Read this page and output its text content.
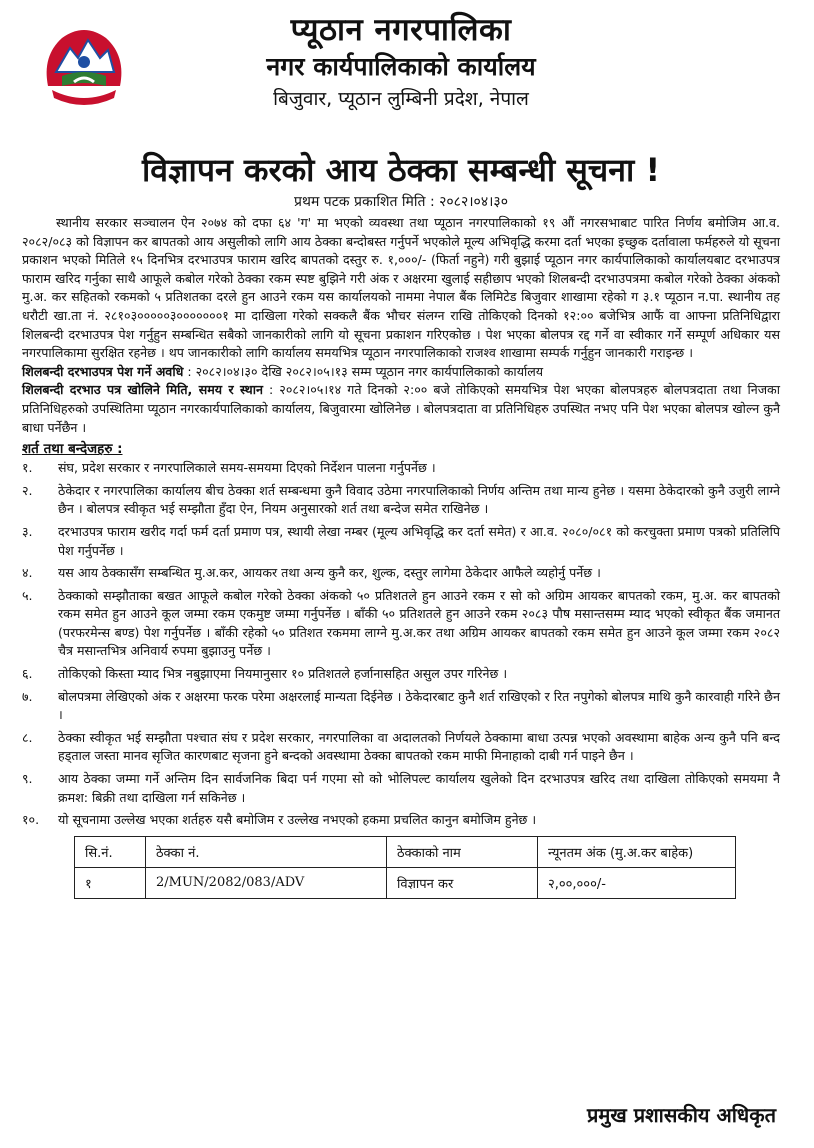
प्यूठान नगरपालिका

नगर कार्यपालिकाको कार्यालय

बिजुवार, प्यूठान लुम्बिनी प्रदेश, नेपाल

विज्ञापन करको आय ठेक्का सम्बन्धी सूचना !

प्रथम पटक प्रकाशित मिति : २०८२।०४।३०

स्थानीय सरकार सञ्चालन ऐन २०७४ को दफा ६४ 'ग' मा भएको व्यवस्था तथा प्यूठान नगरपालिकाको १९ औं नगरसभाबाट पारित निर्णय बमोजिम आ.व. २०८२/०८३ को विज्ञापन कर बापतको आय असुलीको लागि आय ठेक्का बन्दोबस्त गर्नुपर्ने भएकोले मूल्य अभिवृद्धि करमा दर्ता भएका इच्छुक दर्तावाला फर्महरुले यो सूचना प्रकाशन भएको मितिले १५ दिनभित्र दरभाउपत्र फाराम खरिद बापतको दस्तुर रु. १,०००/- (फिर्ता नहुने) गरी बुझाई प्यूठान नगर कार्यपालिकाको कार्यालयबाट दरभाउपत्र फाराम खरिद गर्नुका साथै आफूले कबोल गरेको ठेक्का रकम स्पष्ट बुझिने गरी अंक र अक्षरमा खुलाई सहीछाप भएको शिलबन्दी दरभाउपत्रमा कबोल गरेको ठेक्का अंकको मु.अ. कर सहितको रकमको ५ प्रतिशतका दरले हुन आउने रकम यस कार्यालयको नाममा नेपाल बैंक लिमिटेड बिजुवार शाखामा रहेको ग ३.१ प्यूठान न.पा. स्थानीय तह धरौटी खा.ता नं. २८१०३०००००३०००००००१ मा दाखिला गरेको सक्कलै बैंक भौचर संलग्न राखि तोकिएको दिनको १२:०० बजेभित्र आफैं वा आफ्ना प्रतिनिधिद्वारा शिलबन्दी दरभाउपत्र पेश गर्नुहुन सम्बन्धित सबैको जानकारीको लागि यो सूचना प्रकाशन गरिएकोछ । पेश भएका बोलपत्र रद्द गर्ने वा स्वीकार गर्ने सम्पूर्ण अधिकार यस नगरपालिकामा सुरक्षित रहनेछ । थप जानकारीको लागि कार्यालय समयभित्र प्यूठान नगरपालिकाको राजश्व शाखामा सम्पर्क गर्नुहुन जानकारी गराइन्छ ।

शिलबन्दी दरभाउपत्र पेश गर्ने अवधि : २०८२।०४।३० देखि २०८२।०५।१३ सम्म प्यूठान नगर कार्यपालिकाको कार्यालय

शिलबन्दी दरभाउ पत्र खोलिने मिति, समय र स्थान : २०८२।०५।१४ गते दिनको २:०० बजे तोकिएको समयभित्र पेश भएका बोलपत्रहरु बोलपत्रदाता तथा निजका प्रतिनिधिहरुको उपस्थितिमा प्यूठान नगरकार्यपालिकाको कार्यालय, बिजुवारमा खोलिनेछ । बोलपत्रदाता वा प्रतिनिधिहरु उपस्थित नभए पनि पेश भएका बोलपत्र खोल्न कुनै बाधा पर्नेछैन ।

शर्त तथा बन्देजहरु :

१.	संघ, प्रदेश सरकार र नगरपालिकाले समय-समयमा दिएको निर्देशन पालना गर्नुपर्नेछ ।
२.	ठेकेदार र नगरपालिका कार्यालय बीच ठेक्का शर्त सम्बन्धमा कुनै विवाद उठेमा नगरपालिकाको निर्णय अन्तिम तथा मान्य हुनेछ । यसमा ठेकेदारको कुनै उजुरी लाग्ने छैन । बोलपत्र स्वीकृत भई सम्झौता हुँदा ऐन, नियम अनुसारको शर्त तथा बन्देज समेत राखिनेछ ।
३.	दरभाउपत्र फाराम खरीद गर्दा फर्म दर्ता प्रमाण पत्र, स्थायी लेखा नम्बर (मूल्य अभिवृद्धि कर दर्ता समेत) र आ.व. २०८०/०८१ को करचुक्ता प्रमाण पत्रको प्रतिलिपि पेश गर्नुपर्नेछ ।
४.	यस आय ठेक्कासँग सम्बन्धित मु.अ.कर, आयकर तथा अन्य कुनै कर, शुल्क, दस्तुर लागेमा ठेकेदार आफैले व्यहोर्नु पर्नेछ ।
५.	ठेक्काको सम्झौताका बखत आफूले कबोल गरेको ठेक्का अंकको ५० प्रतिशतले हुन आउने रकम र सो को अग्रिम आयकर बापतको रकम, मु.अ. कर बापतको रकम समेत हुन आउने कूल जम्मा रकम एकमुष्ट जम्मा गर्नुपर्नेछ । बाँकी ५० प्रतिशतले हुन आउने रकम २०८३ पौष मसान्तसम्म म्याद भएको स्वीकृत बैंक जमानत (परफरमेन्स बण्ड) पेश गर्नुपर्नेछ । बाँकी रहेको ५० प्रतिशत रकममा लाग्ने मु.अ.कर तथा अग्रिम आयकर बापतको रकम समेत हुन आउने कूल जम्मा रकम २०८२ चैत्र मसान्तभित्र अनिवार्य रुपमा बुझाउनु पर्नेछ ।
६.	तोकिएको किस्ता म्याद भित्र नबुझाएमा नियमानुसार १० प्रतिशतले हर्जानासहित असुल उपर गरिनेछ ।
७.	बोलपत्रमा लेखिएको अंक र अक्षरमा फरक परेमा अक्षरलाई मान्यता दिईनेछ । ठेकेदारबाट कुनै शर्त राखिएको र रित नपुगेको बोलपत्र माथि कुनै कारवाही गरिने छैन ।
८.	ठेक्का स्वीकृत भई सम्झौता पश्चात संघ र प्रदेश सरकार, नगरपालिका वा अदालतको निर्णयले ठेक्कामा बाधा उत्पन्न भएको अवस्थामा बाहेक अन्य कुनै पनि बन्द हड्ताल जस्ता मानव सृजित कारणबाट सृजना हुने बन्दको अवस्थामा ठेक्का बापतको रकम माफी मिनाहाको दाबी गर्न पाइने छैन ।
९.	आय ठेक्का जम्मा गर्ने अन्तिम दिन सार्वजनिक बिदा पर्न गएमा सो को भोलिपल्ट कार्यालय खुलेको दिन दरभाउपत्र खरिद तथा दाखिला तोकिएको समयमा नै क्रमश: बिक्री तथा दाखिला गर्न सकिनेछ ।
१०.	यो सूचनामा उल्लेख भएका शर्तहरु यसै बमोजिम र उल्लेख नभएको हकमा प्रचलित कानुन बमोजिम हुनेछ ।
सि.नं.	ठेक्का नं.	ठेक्काको नाम	न्यूनतम अंक (मु.अ.कर बाहेक)
१	2/MUN/2082/083/ADV	विज्ञापन कर	२,००,०००/-
प्रमुख प्रशासकीय अधिकृत
